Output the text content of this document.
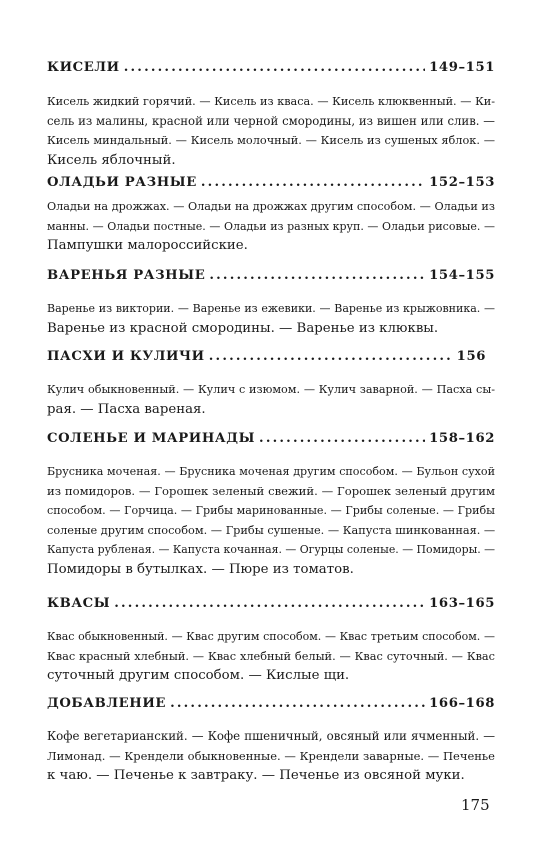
КИСЕЛИ . . .	149–151
Кисель жидкий горячий. — Кисель из кваса. — Кисель клюквенный. — Ки-
сель из малины, красной или черной смородины, из вишен или слив. —
Кисель миндальный. — Кисель молочный. — Кисель из сушеных яблок. —
Кисель яблочный.
ОЛАДЬИ РАЗНЫЕ . . .	152–153
Оладьи на дрожжах. — Оладьи на дрожжах другим способом. — Оладьи из
манны. — Оладьи постные. — Оладьи из разных круп. — Оладьи рисовые. —
Пампушки малороссийские.
ВАРЕНЬЯ РАЗНЫЕ . . .	154–155
Варенье из виктории. — Варенье из ежевики. — Варенье из крыжовника. —
Варенье из красной смородины. — Варенье из клюквы.
ПАСХИ И КУЛИЧИ . . .	156
Кулич обыкновенный. — Кулич с изюмом. — Кулич заварной. — Пасха сы-
рая. — Пасха вареная.
СОЛЕНЬЕ И МАРИНАДЫ . . .	158–162
Брусника моченая. — Брусника моченая другим способом. — Бульон сухой
из помидоров. — Горошек зеленый свежий. — Горошек зеленый другим
способом. — Горчица. — Грибы маринованные. — Грибы соленые. — Грибы
соленые другим способом. — Грибы сушеные. — Капуста шинкованная. —
Капуста рубленая. — Капуста кочанная. — Огурцы соленые. — Помидоры. —
Помидоры в бутылках. — Пюре из томатов.
КВАСЫ . . .	163–165
Квас обыкновенный. — Квас другим способом. — Квас третьим способом. —
Квас красный хлебный. — Квас хлебный белый. — Квас суточный. — Квас
суточный другим способом. — Кислые щи.
ДОБАВЛЕНИЕ . . .	166–168
Кофе вегетарианский. — Кофе пшеничный, овсяный или ячменный. —
Лимонад. — Крендели обыкновенные. — Крендели заварные. — Печенье
к чаю. — Печенье к завтраку. — Печенье из овсяной муки.
175
